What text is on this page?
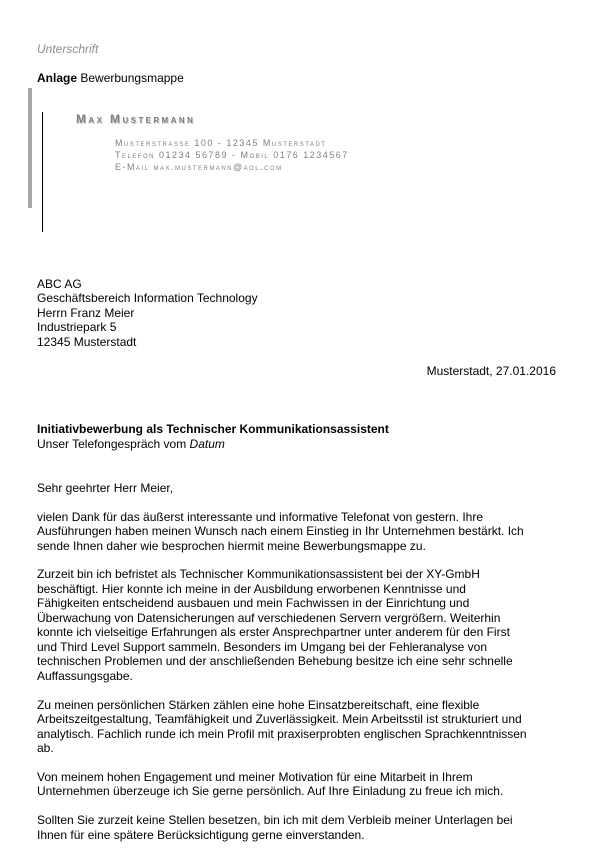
Unterschrift
Anlage Bewerbungsmappe
Max Mustermann
Musterstrasse 100 - 12345 Musterstadt
Telefon 01234 56789 - Mobil 0176 1234567
E-Mail max.mustermann@aol.com
ABC AG
Geschäftsbereich Information Technology
Herrn Franz Meier
Industriepark 5
12345 Musterstadt
Musterstadt, 27.01.2016
Initiativbewerbung als Technischer Kommunikationsassistent
Unser Telefongespräch vom Datum
Sehr geehrter Herr Meier,
vielen Dank für das äußerst interessante und informative Telefonat von gestern. Ihre
Ausführungen haben meinen Wunsch nach einem Einstieg in Ihr Unternehmen bestärkt. Ich
sende Ihnen daher wie besprochen hiermit meine Bewerbungsmappe zu.
Zurzeit bin ich befristet als Technischer Kommunikationsassistent bei der XY-GmbH
beschäftigt. Hier konnte ich meine in der Ausbildung erworbenen Kenntnisse und
Fähigkeiten entscheidend ausbauen und mein Fachwissen in der Einrichtung und
Überwachung von Datensicherungen auf verschiedenen Servern vergrößern. Weiterhin
konnte ich vielseitige Erfahrungen als erster Ansprechpartner unter anderem für den First
und Third Level Support sammeln. Besonders im Umgang bei der Fehleranalyse von
technischen Problemen und der anschließenden Behebung besitze ich eine sehr schnelle
Auffassungsgabe.
Zu meinen persönlichen Stärken zählen eine hohe Einsatzbereitschaft, eine flexible
Arbeitszeitgestaltung, Teamfähigkeit und Zuverlässigkeit. Mein Arbeitsstil ist strukturiert und
analytisch. Fachlich runde ich mein Profil mit praxiserprobten englischen Sprachkenntnissen
ab.
Von meinem hohen Engagement und meiner Motivation für eine Mitarbeit in Ihrem
Unternehmen überzeuge ich Sie gerne persönlich. Auf Ihre Einladung zu freue ich mich.
Sollten Sie zurzeit keine Stellen besetzen, bin ich mit dem Verbleib meiner Unterlagen bei
Ihnen für eine spätere Berücksichtigung gerne einverstanden.
